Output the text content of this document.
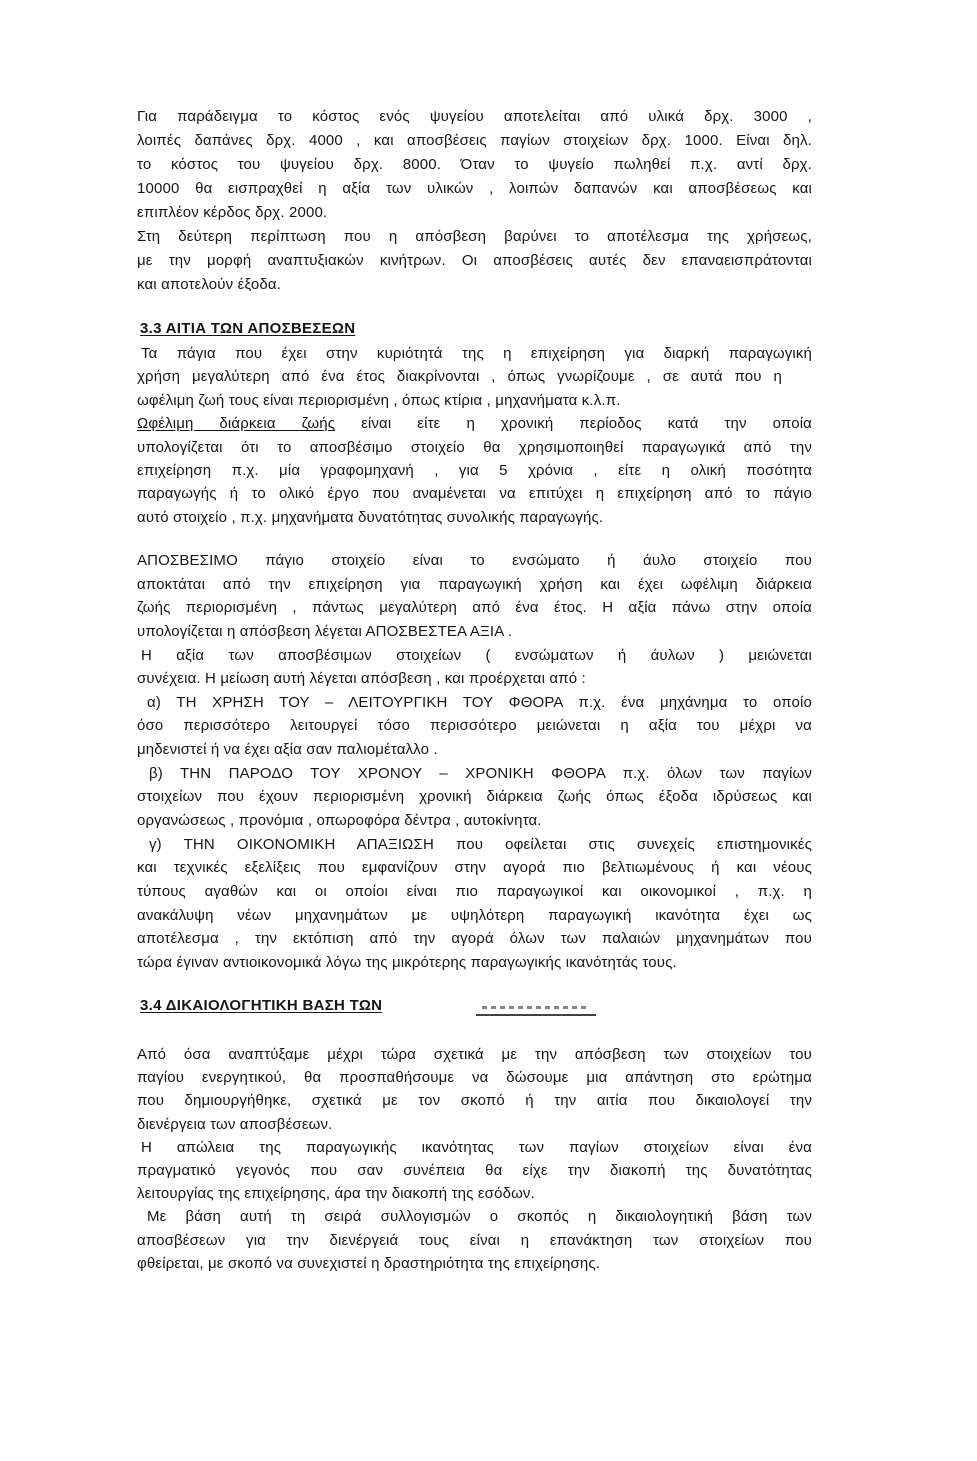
Για παράδειγμα το κόστος ενός ψυγείου αποτελείται από υλικά δρχ. 3000 ,
λοιπές δαπάνες δρχ. 4000 , και αποσβέσεις παγίων στοιχείων δρχ. 1000. Είναι δηλ.
το κόστος του ψυγείου δρχ. 8000. Όταν το ψυγείο πωληθεί π.χ. αντί δρχ.
10000 θα εισπραχθεί η αξία των υλικών , λοιπών δαπανών και αποσβέσεως και
επιπλέον κέρδος δρχ. 2000.
Στη δεύτερη περίπτωση που η απόσβεση βαρύνει το αποτέλεσμα της χρήσεως,
με την μορφή αναπτυξιακών κινήτρων. Οι αποσβέσεις αυτές δεν επαναεισπράτονται
και αποτελούν έξοδα.
3.3 ΑΙΤΙΑ ΤΩΝ ΑΠΟΣΒΕΣΕΩΝ
Τα πάγια που έχει στην κυριότητά της η επιχείρηση για διαρκή παραγωγική
χρήση μεγαλύτερη από ένα έτος διακρίνονται , όπως γνωρίζουμε , σε αυτά που η
ωφέλιμη ζωή τους είναι περιορισμένη , όπως κτίρια , μηχανήματα κ.λ.π.
Ωφέλιμη διάρκεια ζωής είναι είτε η χρονική περίοδος κατά την οποία
υπολογίζεται ότι το αποσβέσιμο στοιχείο θα χρησιμοποιηθεί παραγωγικά από την
επιχείρηση π.χ. μία γραφομηχανή , για 5 χρόνια , είτε η ολική ποσότητα
παραγωγής ή το ολικό έργο που αναμένεται να επιτύχει η επιχείρηση από το πάγιο
αυτό στοιχείο , π.χ. μηχανήματα δυνατότητας συνολικής παραγωγής.
ΑΠΟΣΒΕΣΙΜΟ πάγιο στοιχείο είναι το ενσώματο ή άυλο στοιχείο που
αποκτάται από την επιχείρηση για παραγωγική χρήση και έχει ωφέλιμη διάρκεια
ζωής περιορισμένη , πάντως μεγαλύτερη από ένα έτος. Η αξία πάνω στην οποία
υπολογίζεται η απόσβεση λέγεται ΑΠΟΣΒΕΣΤΕΑ ΑΞΙΑ .
Η αξία των αποσβέσιμων στοιχείων ( ενσώματων ή άυλων ) μειώνεται
συνέχεια. Η μείωση αυτή λέγεται απόσβεση , και προέρχεται από :
α) ΤΗ ΧΡΗΣΗ ΤΟΥ – ΛΕΙΤΟΥΡΓΙΚΗ ΤΟΥ ΦΘΟΡΑ π.χ. ένα μηχάνημα το οποίο
όσο περισσότερο λειτουργεί τόσο περισσότερο μειώνεται η αξία του μέχρι να
μηδενιστεί ή να έχει αξία σαν παλιομέταλλο .
β) ΤΗΝ ΠΑΡΟΔΟ ΤΟΥ ΧΡΟΝΟΥ – ΧΡΟΝΙΚΗ ΦΘΟΡΑ π.χ. όλων των παγίων
στοιχείων που έχουν περιορισμένη χρονική διάρκεια ζωής όπως έξοδα ιδρύσεως και
οργανώσεως , προνόμια , οπωροφόρα δέντρα , αυτοκίνητα.
γ) ΤΗΝ ΟΙΚΟΝΟΜΙΚΗ ΑΠΑΞΙΩΣΗ που οφείλεται στις συνεχείς επιστημονικές
και τεχνικές εξελίξεις που εμφανίζουν στην αγορά πιο βελτιωμένους ή και νέους
τύπους αγαθών και οι οποίοι είναι πιο παραγωγικοί και οικονομικοί , π.χ. η
ανακάλυψη νέων μηχανημάτων με υψηλότερη παραγωγική ικανότητα έχει ως
αποτέλεσμα , την εκτόπιση από την αγορά όλων των παλαιών μηχανημάτων που
τώρα έγιναν αντιοικονομικά λόγω της μικρότερης παραγωγικής ικανότητάς τους.
3.4 ΔΙΚΑΙΟΛΟΓΗΤΙΚΗ ΒΑΣΗ ΤΩΝ
Από όσα αναπτύξαμε μέχρι τώρα σχετικά με την απόσβεση των στοιχείων του
παγίου ενεργητικού, θα προσπαθήσουμε να δώσουμε μια απάντηση στο ερώτημα
που δημιουργήθηκε, σχετικά με τον σκοπό ή την αιτία που δικαιολογεί την
διενέργεια των αποσβέσεων.
Η απώλεια της παραγωγικής ικανότητας των παγίων στοιχείων είναι ένα
πραγματικό γεγονός που σαν συνέπεια θα είχε την διακοπή της δυνατότητας
λειτουργίας της επιχείρησης, άρα την διακοπή της εσόδων.
Με βάση αυτή τη σειρά συλλογισμών ο σκοπός η δικαιολογητική βάση των
αποσβέσεων για την διενέργειά τους είναι η επανάκτηση των στοιχείων που
φθείρεται, με σκοπό να συνεχιστεί η δραστηριότητα της επιχείρησης.
